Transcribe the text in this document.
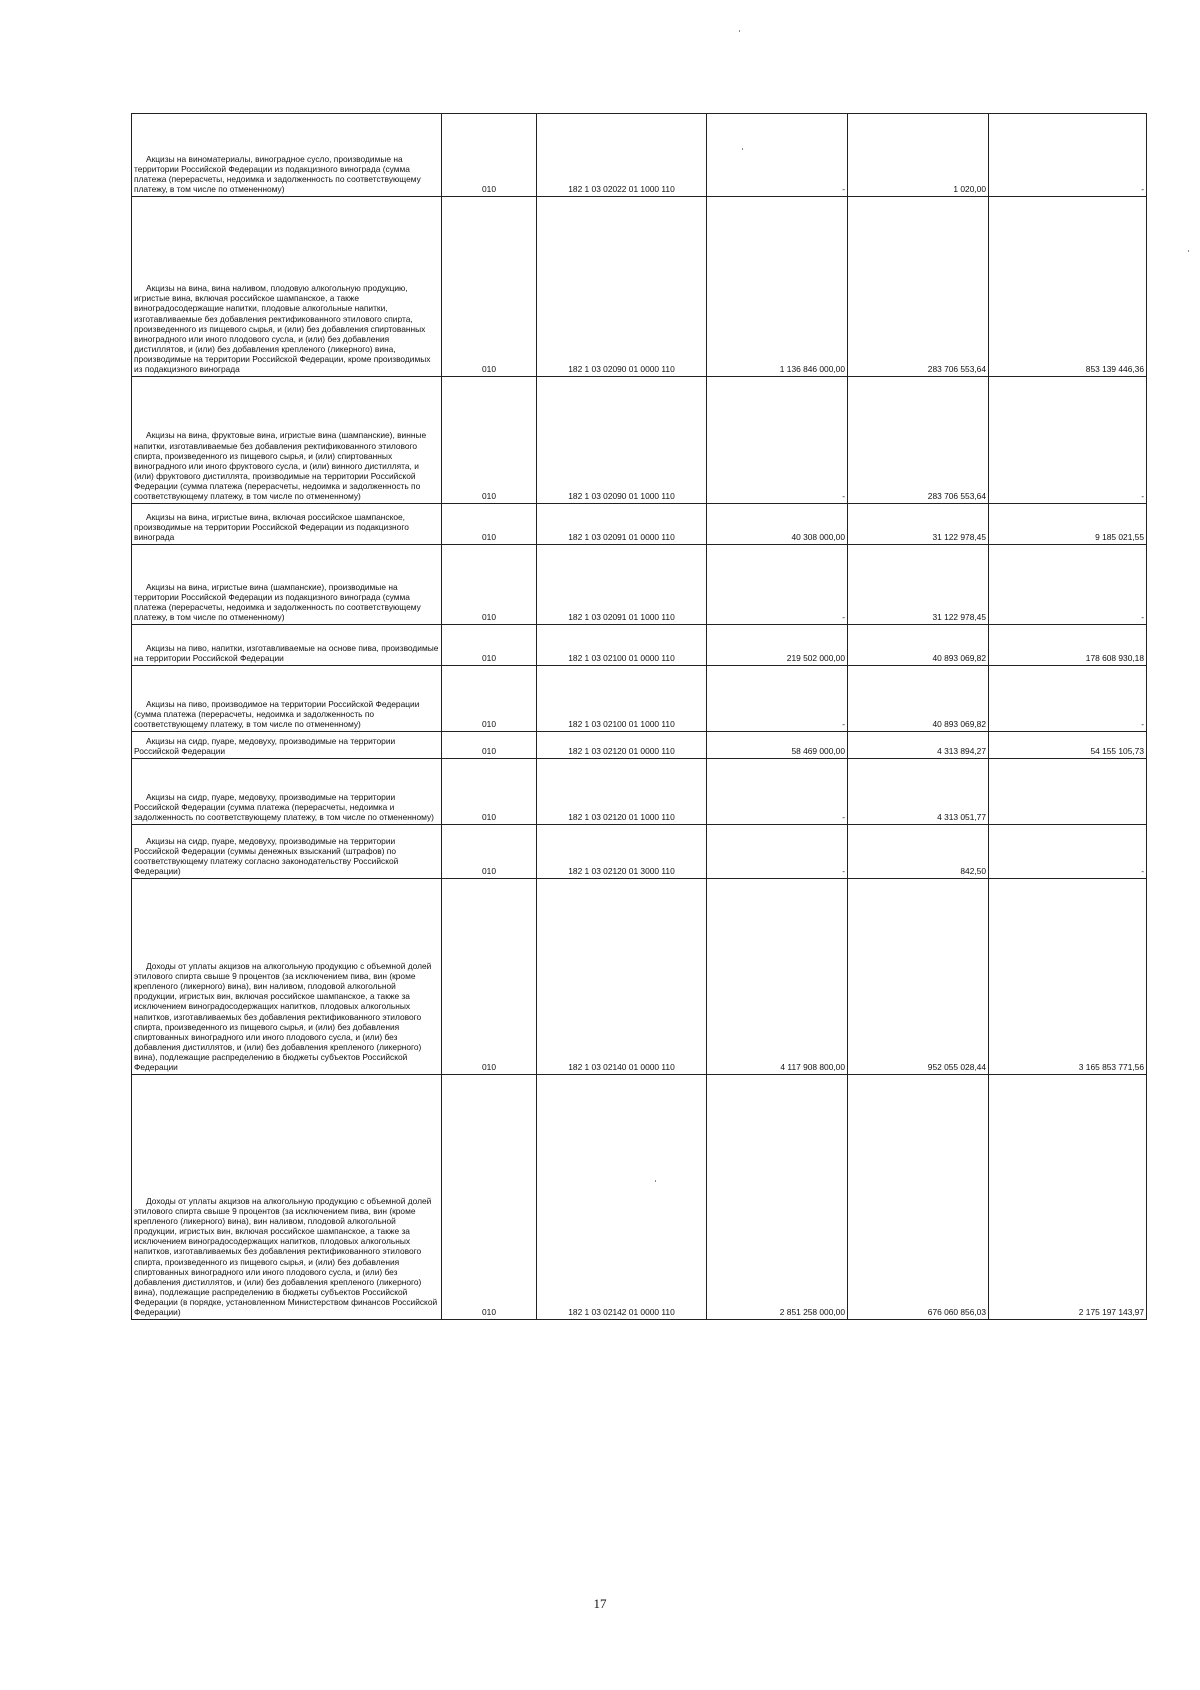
Акцизы на виноматериалы, виноградное сусло, производимые на территории Российской Федерации из подакцизного винограда (сумма платежа (перерасчеты, недоимка и задолженность по соответствующему платежу, в том числе по отмененному)	010	182 1 03 02022 01 1000 110	-	1 020,00	-
Акцизы на вина, вина наливом, плодовую алкогольную продукцию, игристые вина, включая российское шампанское, а также виноградосодержащие напитки, плодовые алкогольные напитки, изготавливаемые без добавления ректификованного этилового спирта, произведенного из пищевого сырья, и (или) без добавления спиртованных виноградного или иного плодового сусла, и (или) без добавления дистиллятов, и (или) без добавления крепленого (ликерного) вина, производимые на территории Российской Федерации, кроме производимых из подакцизного винограда	010	182 1 03 02090 01 0000 110	1 136 846 000,00	283 706 553,64	853 139 446,36
Акцизы на вина, фруктовые вина, игристые вина (шампанские), винные напитки, изготавливаемые без добавления ректификованного этилового спирта, произведенного из пищевого сырья, и (или) спиртованных виноградного или иного фруктового сусла, и (или) винного дистиллята, и (или) фруктового дистиллята, производимые на территории Российской Федерации (сумма платежа (перерасчеты, недоимка и задолженность по соответствующему платежу, в том числе по отмененному)	010	182 1 03 02090 01 1000 110	-	283 706 553,64	-
Акцизы на вина, игристые вина, включая российское шампанское, производимые на территории Российской Федерации из подакцизного винограда	010	182 1 03 02091 01 0000 110	40 308 000,00	31 122 978,45	9 185 021,55
Акцизы на вина, игристые вина (шампанские), производимые на территории Российской Федерации из подакцизного винограда (сумма платежа (перерасчеты, недоимка и задолженность по соответствующему платежу, в том числе по отмененному)	010	182 1 03 02091 01 1000 110	-	31 122 978,45	-
Акцизы на пиво, напитки, изготавливаемые на основе пива, производимые на территории Российской Федерации	010	182 1 03 02100 01 0000 110	219 502 000,00	40 893 069,82	178 608 930,18
Акцизы на пиво, производимое на территории Российской Федерации (сумма платежа (перерасчеты, недоимка и задолженность по соответствующему платежу, в том числе по отмененному)	010	182 1 03 02100 01 1000 110	-	40 893 069,82	-
Акцизы на сидр, пуаре, медовуху, производимые на территории Российской Федерации	010	182 1 03 02120 01 0000 110	58 469 000,00	4 313 894,27	54 155 105,73
Акцизы на сидр, пуаре, медовуху, производимые на территории Российской Федерации (сумма платежа (перерасчеты, недоимка и задолженность по соответствующему платежу, в том числе по отмененному)	010	182 1 03 02120 01 1000 110	-	4 313 051,77	
Акцизы на сидр, пуаре, медовуху, производимые на территории Российской Федерации (суммы денежных взысканий (штрафов) по соответствующему платежу согласно законодательству Российской Федерации)	010	182 1 03 02120 01 3000 110	-	842,50	-
Доходы от уплаты акцизов на алкогольную продукцию с объемной долей этилового спирта свыше 9 процентов (за исключением пива, вин (кроме крепленого (ликерного) вина), вин наливом, плодовой алкогольной продукции, игристых вин, включая российское шампанское, а также за исключением виноградосодержащих напитков, плодовых алкогольных напитков, изготавливаемых без добавления ректификованного этилового спирта, произведенного из пищевого сырья, и (или) без добавления спиртованных виноградного или иного плодового сусла, и (или) без добавления дистиллятов, и (или) без добавления крепленого (ликерного) вина), подлежащие распределению в бюджеты субъектов Российской Федерации	010	182 1 03 02140 01 0000 110	4 117 908 800,00	952 055 028,44	3 165 853 771,56
Доходы от уплаты акцизов на алкогольную продукцию с объемной долей этилового спирта свыше 9 процентов (за исключением пива, вин (кроме крепленого (ликерного) вина), вин наливом, плодовой алкогольной продукции, игристых вин, включая российское шампанское, а также за исключением виноградосодержащих напитков, плодовых алкогольных напитков, изготавливаемых без добавления ректификованного этилового спирта, произведенного из пищевого сырья, и (или) без добавления спиртованных виноградного или иного плодового сусла, и (или) без добавления дистиллятов, и (или) без добавления крепленого (ликерного) вина), подлежащие распределению в бюджеты субъектов Российской Федерации (в порядке, установленном Министерством финансов Российской Федерации)	010	182 1 03 02142 01 0000 110	2 851 258 000,00	676 060 856,03	2 175 197 143,97
17
